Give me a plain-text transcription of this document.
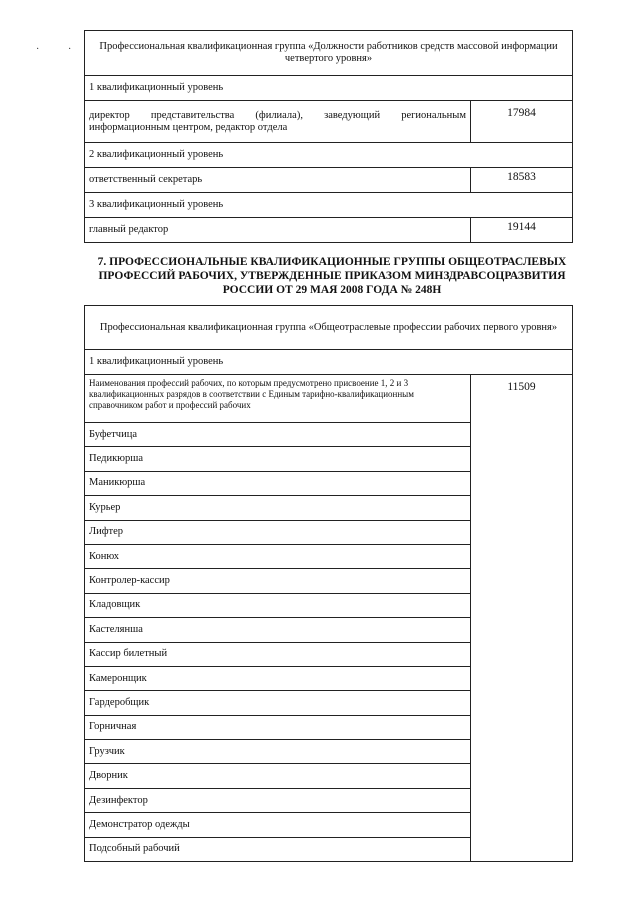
·	·	Профессиональная квалификационная группа «Должности работников средств массовой информации четвертого уровня»	
1 квалификационный уровень	
директор представительства (филиала), заведующий региональным информационным центром, редактор отдела	17984
2 квалификационный уровень	
ответственный секретарь	18583
3 квалификационный уровень	
главный редактор	19144
7. ПРОФЕССИОНАЛЬНЫЕ КВАЛИФИКАЦИОННЫЕ ГРУППЫ ОБЩЕОТРАСЛЕВЫХ ПРОФЕССИЙ РАБОЧИХ, УТВЕРЖДЕННЫЕ ПРИКАЗОМ МИНЗДРАВСОЦРАЗВИТИЯ РОССИИ ОТ 29 МАЯ 2008 ГОДА № 248Н
Профессиональная квалификационная группа «Общеотраслевые профессии рабочих первого уровня»
1 квалификационный уровень
Наименования профессий рабочих, по которым предусмотрено присвоение 1, 2 и 3 квалификационных разрядов в соответствии с Единым тарифно-квалификационным справочником работ и профессий рабочих	11509
Буфетчица
Педикюрша
Маникюрша
Курьер
Лифтер
Конюх
Контролер-кассир
Кладовщик
Кастелянша
Кассир билетный
Камеронщик
Гардеробщик
Горничная
Грузчик
Дворник
Дезинфектор
Демонстратор одежды
Подсобный рабочий
